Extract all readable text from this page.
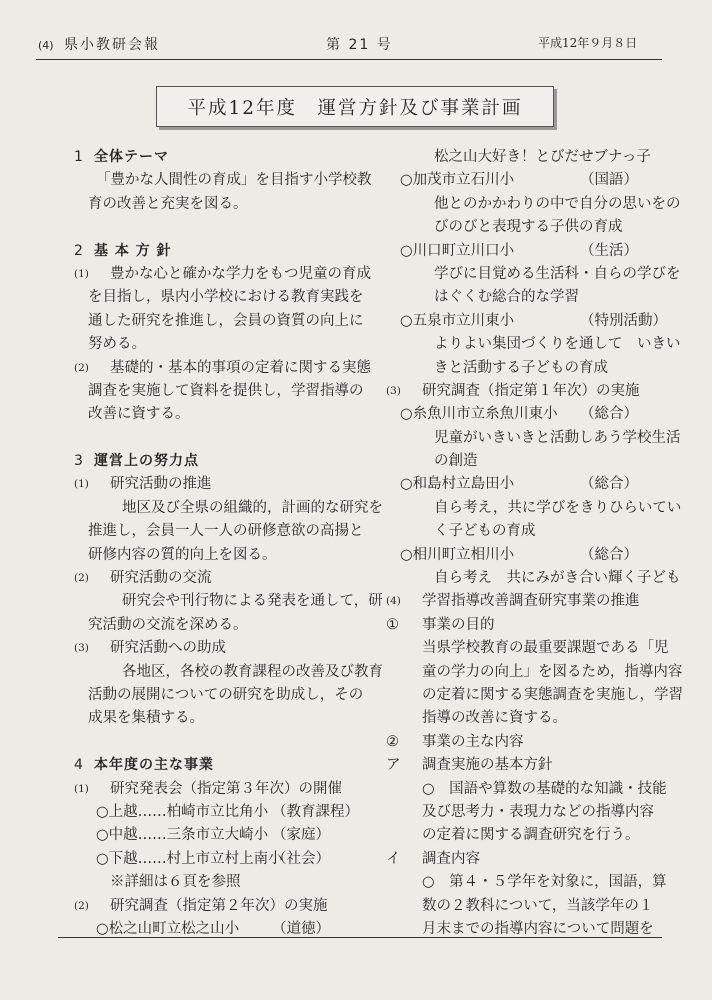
(4) 県小教研会報	第 21 号	平成12年９月８日
平成12年度　運営方針及び事業計画
1 全体テーマ
「豊かな人間性の育成」を目指す小学校教
育の改善と充実を図る。
2 基 本 方 針
(1)	豊かな心と確かな学力をもつ児童の育成
を目指し，県内小学校における教育実践を
通した研究を推進し，会員の資質の向上に
努める。
(2)	基礎的・基本的事項の定着に関する実態
調査を実施して資料を提供し，学習指導の
改善に資する。
3 運営上の努力点
(1)	研究活動の推進
地区及び全県の組織的，計画的な研究を
推進し，会員一人一人の研修意欲の高揚と
研修内容の質的向上を図る。
(2)	研究活動の交流
研究会や刊行物による発表を通して，研
究活動の交流を深める。
(3)	研究活動への助成
各地区，各校の教育課程の改善及び教育
活動の展開についての研究を助成し，その
成果を集積する。
4 本年度の主な事業
(1)	研究発表会（指定第３年次）の開催
○上越……柏崎市立比角小 （教育課程）
○中越……三条市立大崎小 （家庭）
○下越……村上市立村上南小
（社会）
※詳細は６頁を参照
(2)	研究調査（指定第２年次）の実施
○松之山町立松之山小 （道徳）
松之山大好き！とびだせブナっ子
○加茂市立石川小	（国語）
他とのかかわりの中で自分の思いをの
びのびと表現する子供の育成
○川口町立川口小	（生活）
学びに目覚める生活科・自らの学びを
はぐくむ総合的な学習
○五泉市立川東小	（特別活動）
よりよい集団づくりを通して　いきい
きと活動する子どもの育成
(3)	研究調査（指定第１年次）の実施
○糸魚川市立糸魚川東小 （総合）
児童がいきいきと活動しあう学校生活
の創造
○和島村立島田小	（総合）
自ら考え，共に学びをきりひらいてい
く子どもの育成
○相川町立相川小	（総合）
自ら考え　共にみがき合い輝く子ども
(4)	学習指導改善調査研究事業の推進
① 事業の目的
当県学校教育の最重要課題である「児
童の学力の向上」を図るため，指導内容
の定着に関する実態調査を実施し，学習
指導の改善に資する。
② 事業の主な内容
ア 調査実施の基本方針
○　国語や算数の基礎的な知識・技能
及び思考力・表現力などの指導内容
の定着に関する調査研究を行う。
イ 調査内容
○　第４・５学年を対象に，国語，算
数の２教科について，当該学年の１
月末までの指導内容について問題を
